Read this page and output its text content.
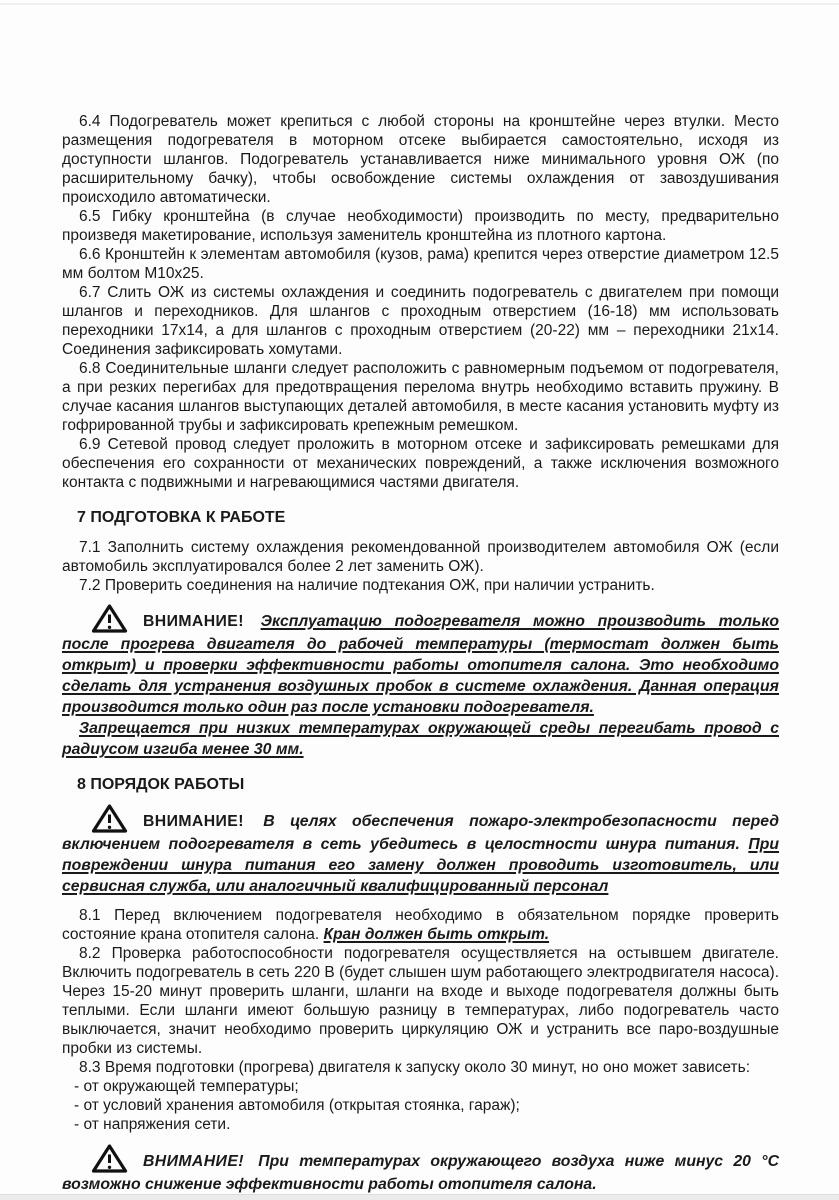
6.4 Подогреватель может крепиться с любой стороны на кронштейне через втулки. Место размещения подогревателя в моторном отсеке выбирается самостоятельно, исходя из доступности шлангов. Подогреватель устанавливается ниже минимального уровня ОЖ (по расширительному бачку), чтобы освобождение системы охлаждения от завоздушивания происходило автоматически.

6.5 Гибку кронштейна (в случае необходимости) производить по месту, предварительно произведя макетирование, используя заменитель кронштейна из плотного картона.

6.6 Кронштейн к элементам автомобиля (кузов, рама) крепится через отверстие диаметром 12.5 мм болтом М10х25.

6.7 Слить ОЖ из системы охлаждения и соединить подогреватель с двигателем при помощи шлангов и переходников. Для шлангов с проходным отверстием (16-18) мм использовать переходники 17х14, а для шлангов с проходным отверстием (20-22) мм – переходники 21х14. Соединения зафиксировать хомутами.

6.8 Соединительные шланги следует расположить с равномерным подъемом от подогревателя, а при резких перегибах для предотвращения перелома внутрь необходимо вставить пружину. В случае касания шлангов выступающих деталей автомобиля, в месте касания установить муфту из гофрированной трубы и зафиксировать крепежным ремешком.

6.9 Сетевой провод следует проложить в моторном отсеке и зафиксировать ремешками для обеспечения его сохранности от механических повреждений, а также исключения возможного контакта с подвижными и нагревающимися частями двигателя.

7 ПОДГОТОВКА К РАБОТЕ

7.1 Заполнить систему охлаждения рекомендованной производителем автомобиля ОЖ (если автомобиль эксплуатировался более 2 лет заменить ОЖ).

7.2 Проверить соединения на наличие подтекания ОЖ, при наличии устранить.

ВНИМАНИЕ! Эксплуатацию подогревателя можно производить только после прогрева двигателя до рабочей температуры (термостат должен быть открыт) и проверки эффективности работы отопителя салона. Это необходимо сделать для устранения воздушных пробок в системе охлаждения. Данная операция производится только один раз после установки подогревателя.

Запрещается при низких температурах окружающей среды перегибать провод с радиусом изгиба менее 30 мм.

8 ПОРЯДОК РАБОТЫ

ВНИМАНИЕ! В целях обеспечения пожаро-электробезопасности перед включением подогревателя в сеть убедитесь в целостности шнура питания. При повреждении шнура питания его замену должен проводить изготовитель, или сервисная служба, или аналогичный квалифицированный персонал

8.1 Перед включением подогревателя необходимо в обязательном порядке проверить состояние крана отопителя салона. Кран должен быть открыт.

8.2 Проверка работоспособности подогревателя осуществляется на остывшем двигателе. Включить подогреватель в сеть 220 В (будет слышен шум работающего электродвигателя насоса). Через 15-20 минут проверить шланги, шланги на входе и выходе подогревателя должны быть теплыми. Если шланги имеют большую разницу в температурах, либо подогреватель часто выключается, значит необходимо проверить циркуляцию ОЖ и устранить все паро-воздушные пробки из системы.

8.3 Время подготовки (прогрева) двигателя к запуску около 30 минут, но оно может зависеть:

- от окружающей температуры;

- от условий хранения автомобиля (открытая стоянка, гараж);

- от напряжения сети.

ВНИМАНИЕ! При температурах окружающего воздуха ниже минус 20 °С возможно снижение эффективности работы отопителя салона.
